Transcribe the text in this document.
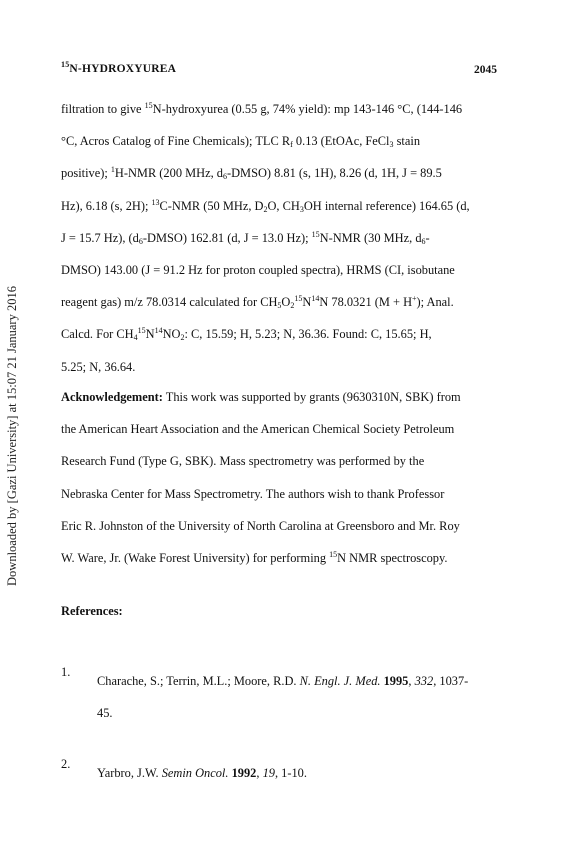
Downloaded by [Gazi University] at 15:07 21 January 2016
$^{15}$N-HYDROXYUREA	2045
filtration to give $^{15}$N-hydroxyurea (0.55 g, 74% yield): mp 143-146 °C, (144-146
°C, Acros Catalog of Fine Chemicals); TLC $R_f$ 0.13 (EtOAc, FeCl$_3$ stain
positive); $^1$H-NMR (200 MHz, $d_6-DMSO$) 8.81 (s, 1H), 8.26 (d, 1H, J = 89.5
Hz), 6.18 (s, 2H); $^{13}$C-NMR (50 MHz, $D_2O$, $CH_3OH$ internal reference) 164.65 (d,
J = 15.7 Hz), $(d_6-DMSO)$ 162.81 (d, J = 13.0 Hz); $^{15}$N-NMR (30 MHz, $d_6-$
DMSO) 143.00 (J = 91.2 Hz for proton coupled spectra), HRMS (CI, isobutane
reagent gas) m/z 78.0314 calculated for $CH_5O_2^{15}N^{14}N$ 78.0321 (M + H+); Anal.
Calcd. For $CH_4^{15}N^{14}NO_2$: C, 15.59; H, 5.23; N, 36.36. Found: C, 15.65; H,
5.25; N, 36.64.
Acknowledgement: This work was supported by grants (9630310N, SBK) from
the American Heart Association and the American Chemical Society Petroleum
Research Fund (Type G, SBK). Mass spectrometry was performed by the
Nebraska Center for Mass Spectrometry. The authors wish to thank Professor
Eric R. Johnston of the University of North Carolina at Greensboro and Mr. Roy
W. Ware, Jr. (Wake Forest University) for performing $^{15}$N NMR spectroscopy.
References:
1.
Charache, S.; Terrin, M.L.; Moore, R.D. N. Engl. J. Med. 1995, 332, 1037-
45.
2.
Yarbro, J.W. Semin Oncol. 1992, 19, 1-10.
